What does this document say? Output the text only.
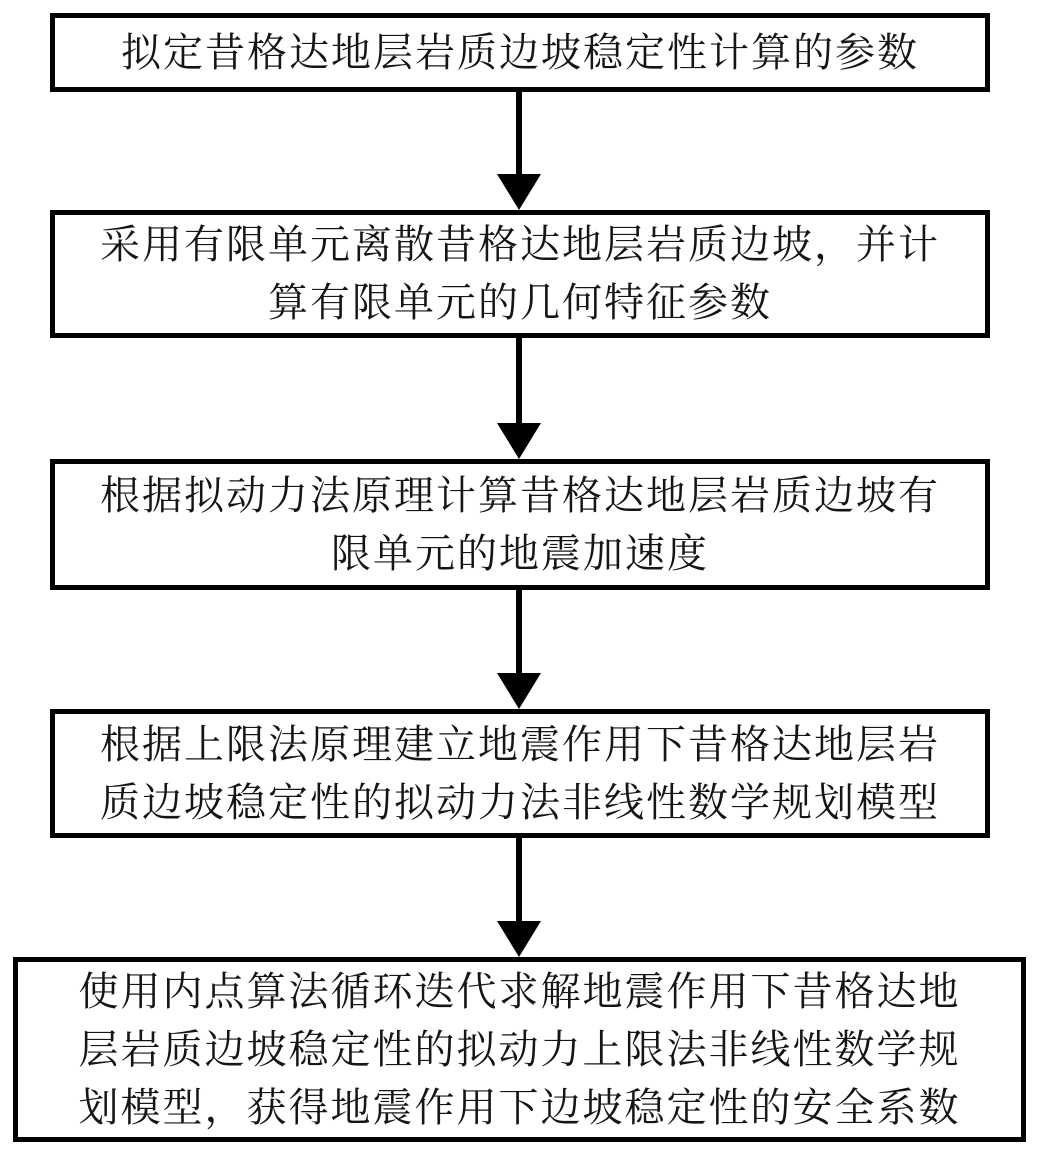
拟定昔格达地层岩质边坡稳定性计算的参数
采用有限单元离散昔格达地层岩质边坡，并计
算有限单元的几何特征参数
根据拟动力法原理计算昔格达地层岩质边坡有
限单元的地震加速度
根据上限法原理建立地震作用下昔格达地层岩
质边坡稳定性的拟动力法非线性数学规划模型
使用内点算法循环迭代求解地震作用下昔格达地
层岩质边坡稳定性的拟动力上限法非线性数学规
划模型，获得地震作用下边坡稳定性的安全系数
